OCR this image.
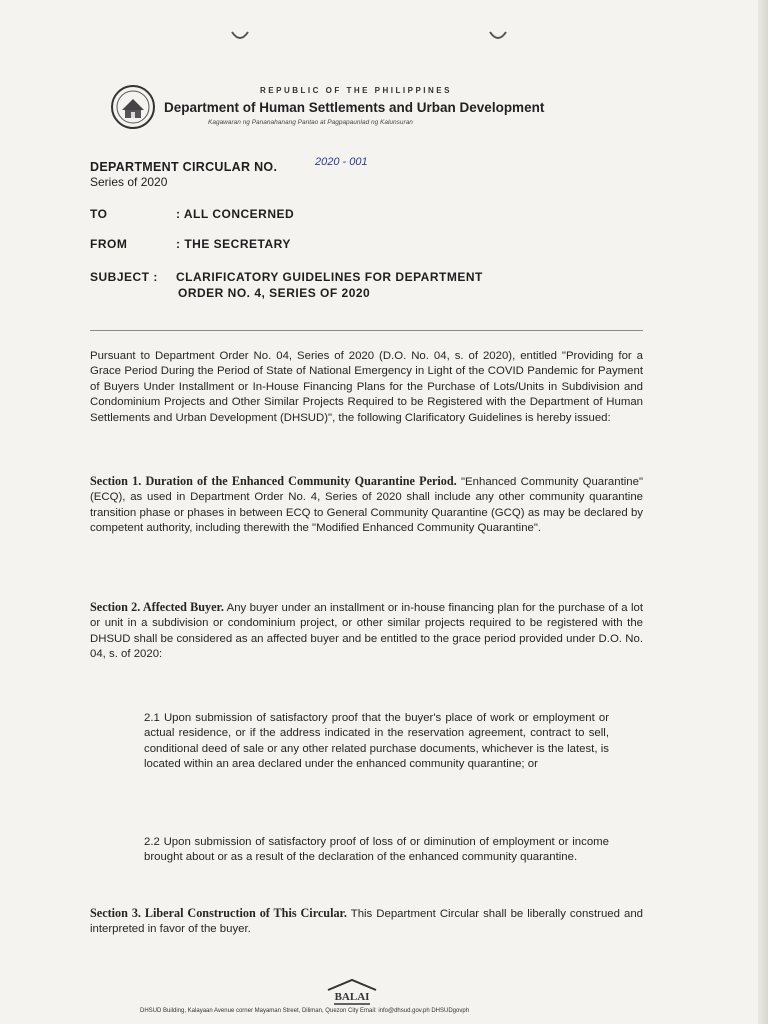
REPUBLIC OF THE PHILIPPINES
Department of Human Settlements and Urban Development
Kagawaran ng Pananahanang Pantao at Pagpapaunlad ng Kalunsuran
DEPARTMENT CIRCULAR NO.	2020 - 001
Series of 2020
TO	: ALL CONCERNED
FROM	: THE SECRETARY
SUBJECT : CLARIFICATORY GUIDELINES FOR DEPARTMENT
ORDER NO. 4, SERIES OF 2020
Pursuant to Department Order No. 04, Series of 2020 (D.O. No. 04, s. of 2020), entitled "Providing for a Grace Period During the Period of State of National Emergency in Light of the COVID Pandemic for Payment of Buyers Under Installment or In-House Financing Plans for the Purchase of Lots/Units in Subdivision and Condominium Projects and Other Similar Projects Required to be Registered with the Department of Human Settlements and Urban Development (DHSUD)", the following Clarificatory Guidelines is hereby issued:
Section 1. Duration of the Enhanced Community Quarantine Period. "Enhanced Community Quarantine" (ECQ), as used in Department Order No. 4, Series of 2020 shall include any other community quarantine transition phase or phases in between ECQ to General Community Quarantine (GCQ) as may be declared by competent authority, including therewith the "Modified Enhanced Community Quarantine".
Section 2. Affected Buyer. Any buyer under an installment or in-house financing plan for the purchase of a lot or unit in a subdivision or condominium project, or other similar projects required to be registered with the DHSUD shall be considered as an affected buyer and be entitled to the grace period provided under D.O. No. 04, s. of 2020:
2.1 Upon submission of satisfactory proof that the buyer's place of work or employment or actual residence, or if the address indicated in the reservation agreement, contract to sell, conditional deed of sale or any other related purchase documents, whichever is the latest, is located within an area declared under the enhanced community quarantine; or
2.2 Upon submission of satisfactory proof of loss of or diminution of employment or income brought about or as a result of the declaration of the enhanced community quarantine.
Section 3. Liberal Construction of This Circular. This Department Circular shall be liberally construed and interpreted in favor of the buyer.
BALAI
DHSUD Building, Kalayaan Avenue corner Mayaman Street, Diliman, Quezon City Email: info@dhsud.gov.ph DHSUDgovph
